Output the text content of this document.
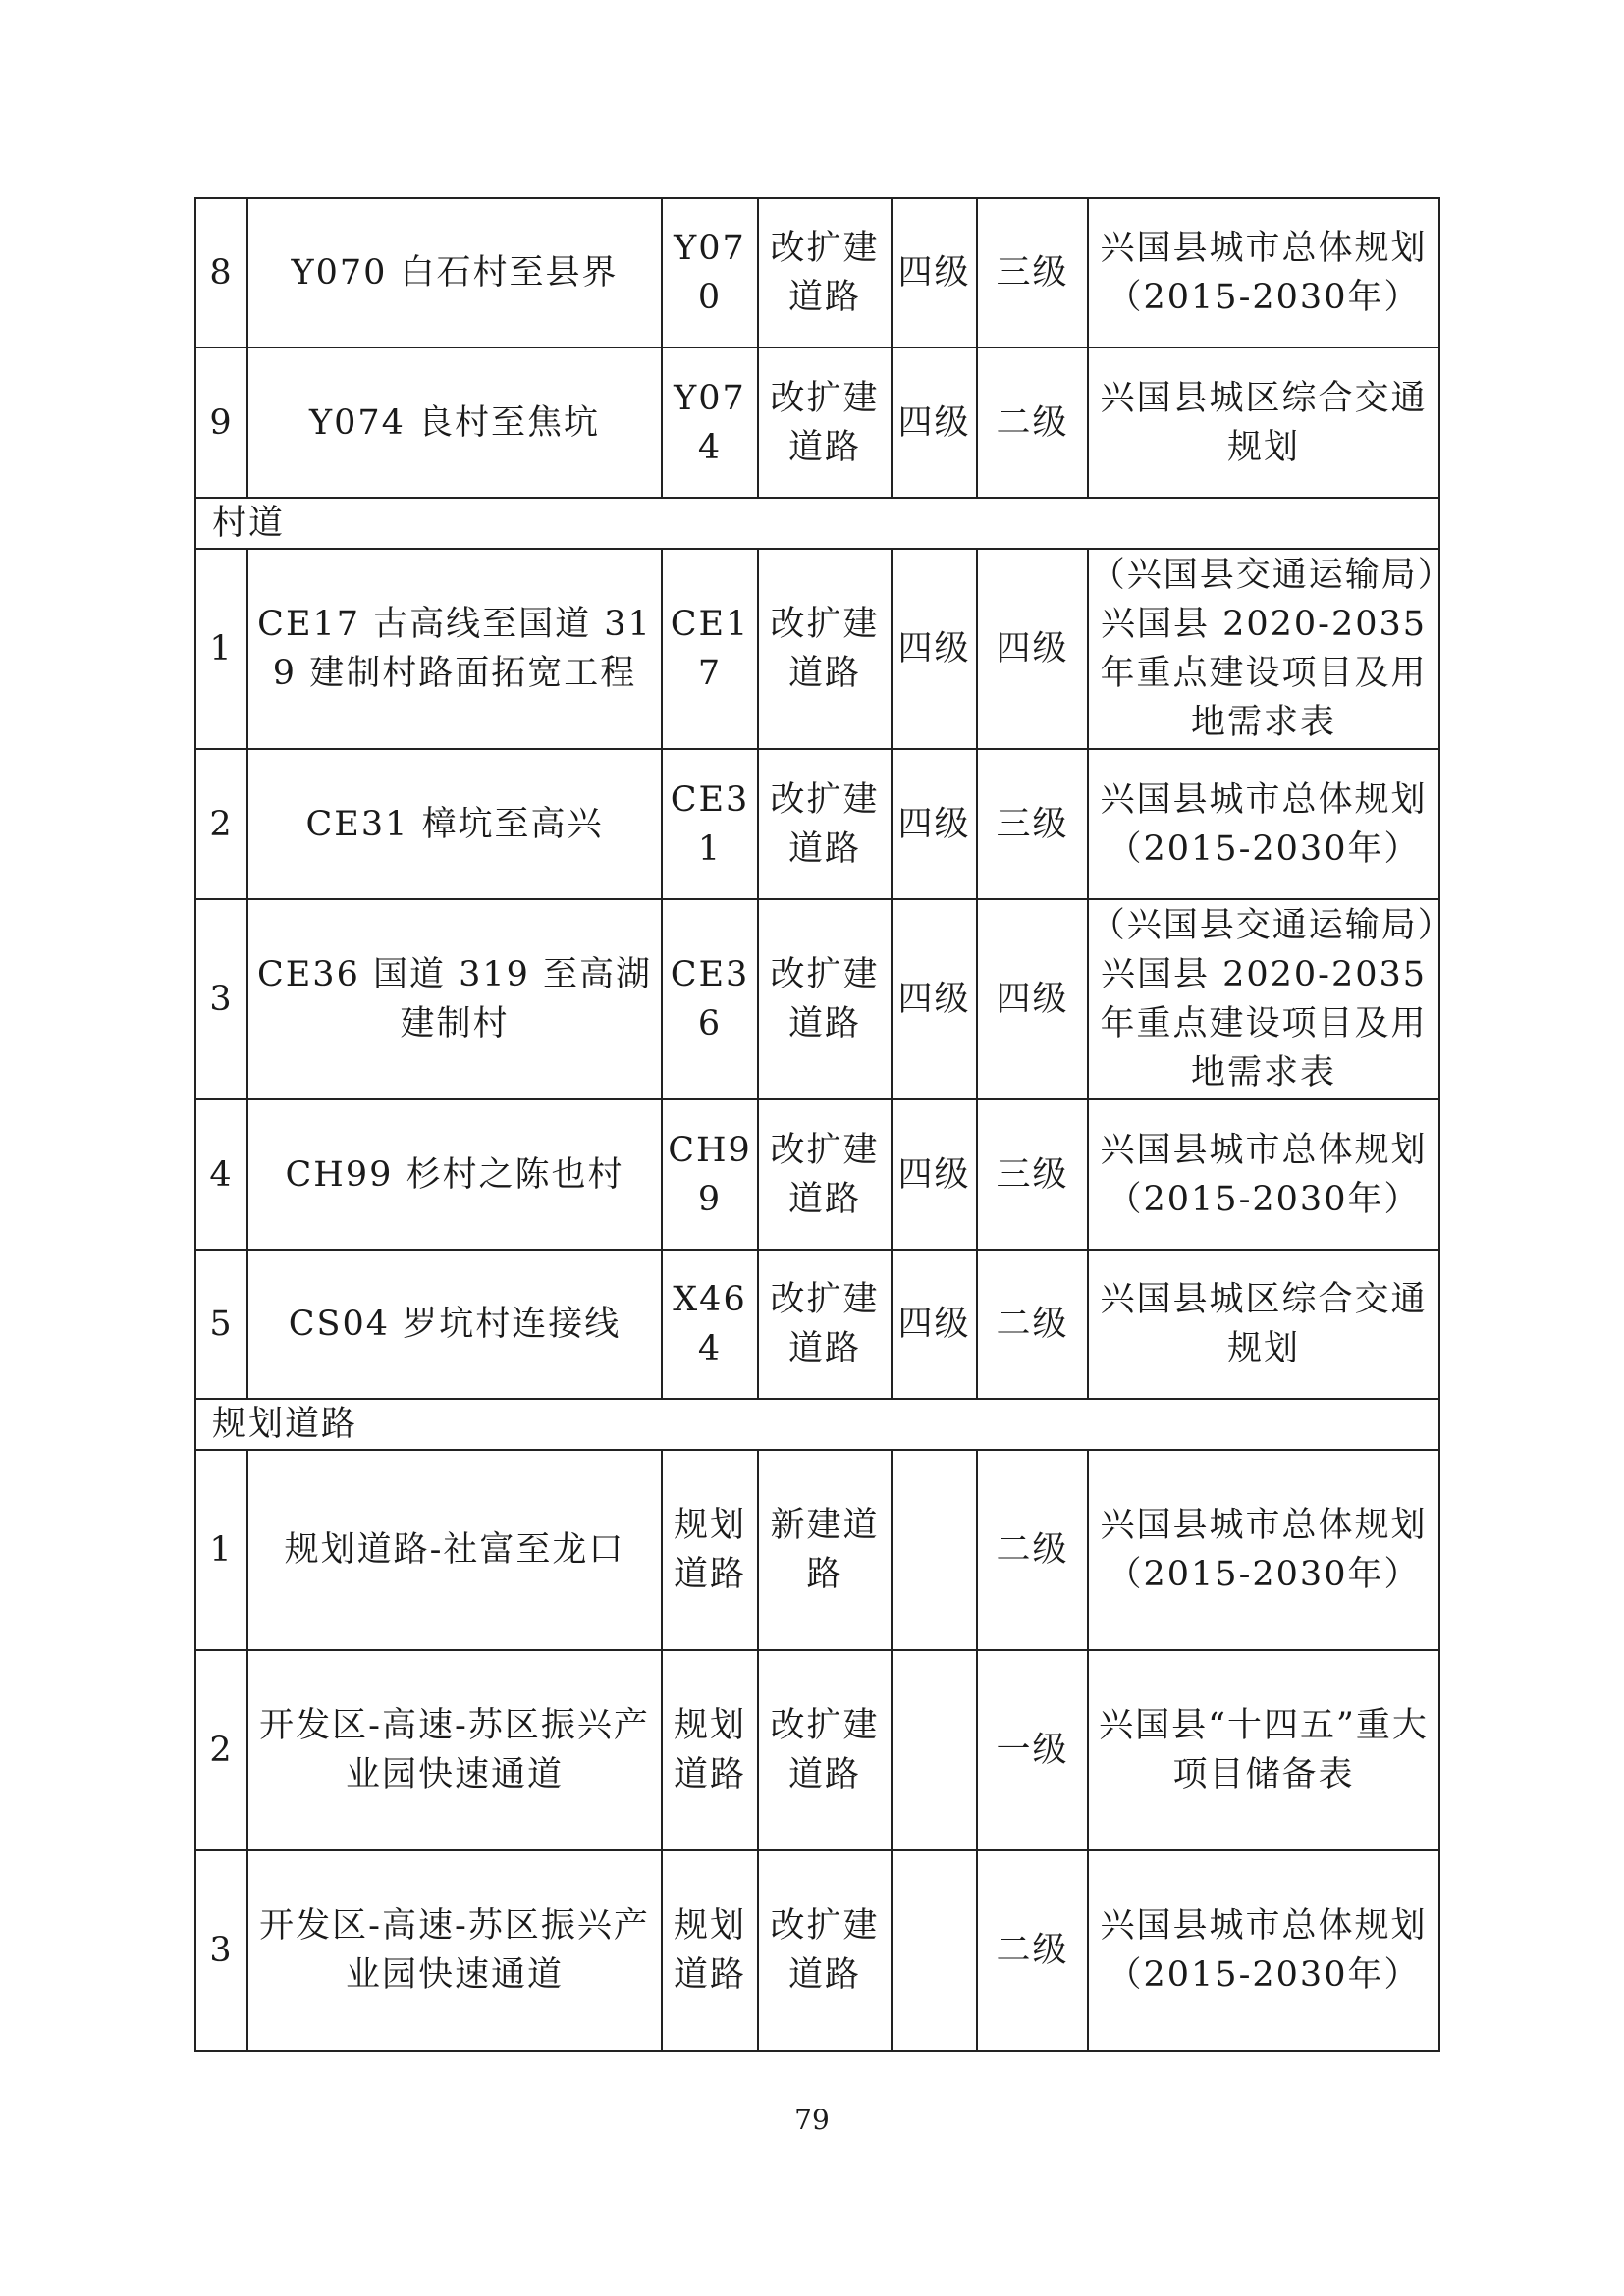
8	Y070 白石村至县界	Y070	改扩建道路	四级	三级	兴国县城市总体规划（2015-2030年）
9	Y074 良村至焦坑	Y074	改扩建道路	四级	二级	兴国县城区综合交通规划
村道						
1	CE17 古高线至国道 319 建制村路面拓宽工程	CE17	改扩建道路	四级	四级	（兴国县交通运输局）兴国县 2020-2035 年重点建设项目及用地需求表
2	CE31 樟坑至高兴	CE31	改扩建道路	四级	三级	兴国县城市总体规划（2015-2030年）
3	CE36 国道 319 至高湖建制村	CE36	改扩建道路	四级	四级	（兴国县交通运输局）兴国县 2020-2035 年重点建设项目及用地需求表
4	CH99 杉村之陈也村	CH99	改扩建道路	四级	三级	兴国县城市总体规划（2015-2030年）
5	CS04 罗坑村连接线	X464	改扩建道路	四级	二级	兴国县城区综合交通规划
规划道路						
1	规划道路-社富至龙口	规划道路	新建道路		二级	兴国县城市总体规划（2015-2030年）
2	开发区-高速-苏区振兴产业园快速通道	规划道路	改扩建道路		一级	兴国县“十四五”重大项目储备表
3	开发区-高速-苏区振兴产业园快速通道	规划道路	改扩建道路		二级	兴国县城市总体规划（2015-2030年）
79
